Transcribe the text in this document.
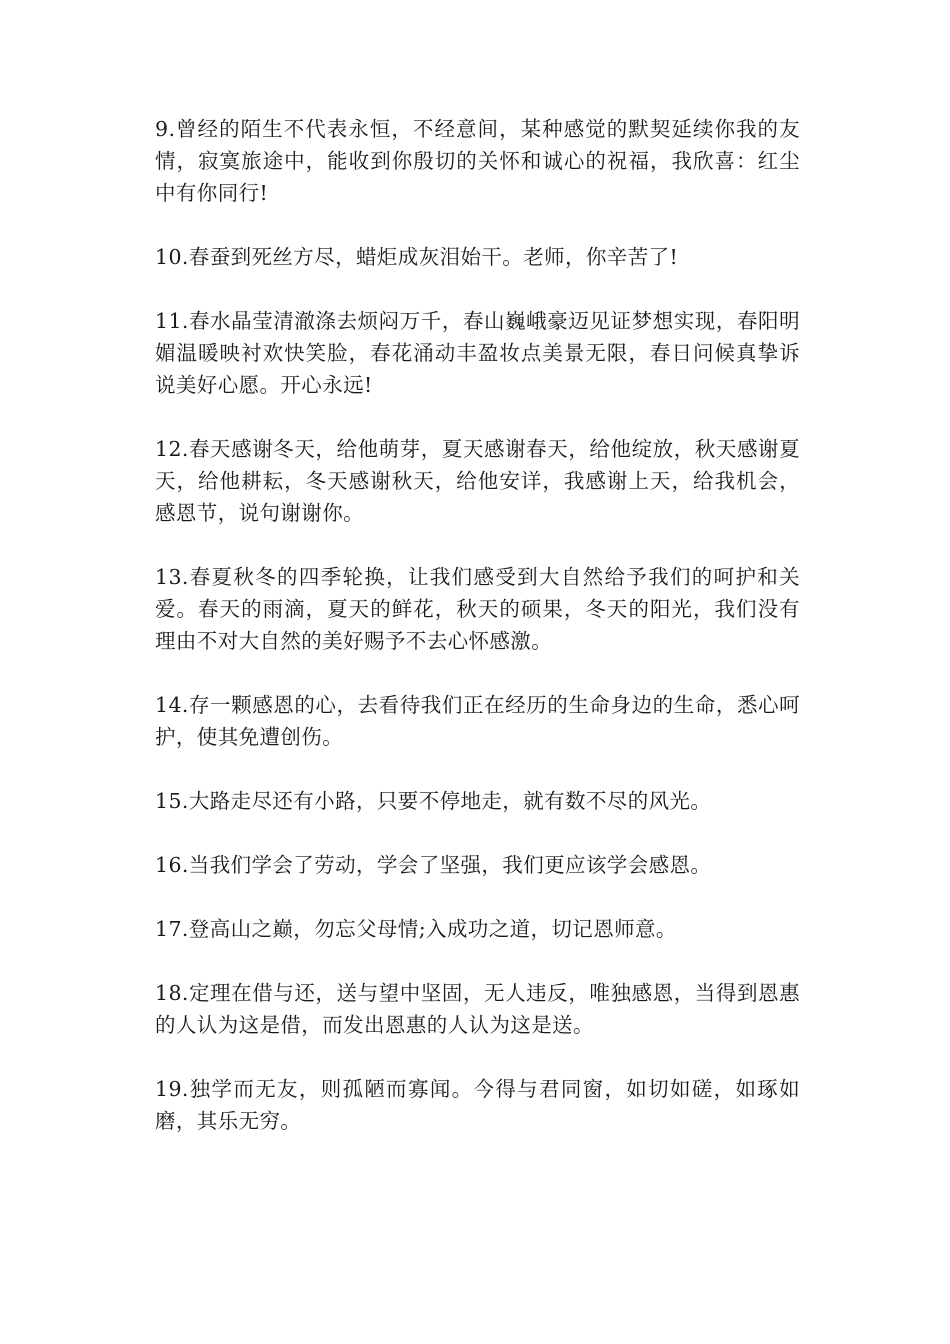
9.曾经的陌生不代表永恒，不经意间，某种感觉的默契延续你我的友情，寂寞旅途中，能收到你殷切的关怀和诚心的祝福，我欣喜：红尘中有你同行!

10.春蚕到死丝方尽，蜡炬成灰泪始干。老师，你辛苦了!

11.春水晶莹清澈涤去烦闷万千，春山巍峨豪迈见证梦想实现，春阳明媚温暖映衬欢快笑脸，春花涌动丰盈妆点美景无限，春日问候真挚诉说美好心愿。开心永远!

12.春天感谢冬天，给他萌芽，夏天感谢春天，给他绽放，秋天感谢夏天，给他耕耘，冬天感谢秋天，给他安详，我感谢上天，给我机会，感恩节，说句谢谢你。

13.春夏秋冬的四季轮换，让我们感受到大自然给予我们的呵护和关爱。春天的雨滴，夏天的鲜花，秋天的硕果，冬天的阳光，我们没有理由不对大自然的美好赐予不去心怀感激。

14.存一颗感恩的心，去看待我们正在经历的生命身边的生命，悉心呵护，使其免遭创伤。

15.大路走尽还有小路，只要不停地走，就有数不尽的风光。

16.当我们学会了劳动，学会了坚强，我们更应该学会感恩。

17.登高山之巅，勿忘父母情;入成功之道，切记恩师意。

18.定理在借与还，送与望中坚固，无人违反，唯独感恩，当得到恩惠的人认为这是借，而发出恩惠的人认为这是送。

19.独学而无友，则孤陋而寡闻。今得与君同窗，如切如磋，如琢如磨，其乐无穷。
